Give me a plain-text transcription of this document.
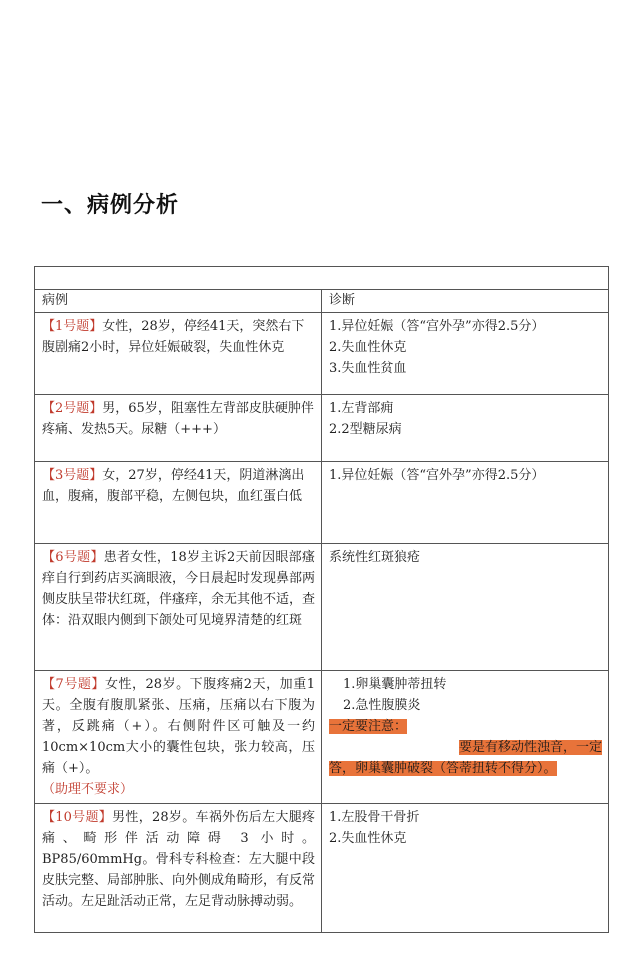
一、病例分析

病例	诊断
【1号题】女性，28岁，停经41天，突然右下腹剧痛2小时，异位妊娠破裂，失血性休克	1.异位妊娠（答“宫外孕”亦得2.5分）
2.失血性休克
3.失血性贫血

【2号题】男，65岁，阻塞性左背部皮肤硬肿伴疼痛、发热5天。尿糖（+++）	1.左背部痈
2.2型糖尿病

【3号题】女，27岁，停经41天，阴道淋漓出血，腹痛，腹部平稳，左侧包块，血红蛋白低	1.异位妊娠（答“宫外孕”亦得2.5分）

【6号题】患者女性，18岁主诉2天前因眼部瘙痒自行到药店买滴眼液，今日晨起时发现鼻部两侧皮肤呈带状红斑，伴瘙痒，余无其他不适，查体：沿双眼内侧到下颌处可见境界清楚的红斑	系统性红斑狼疮

【7号题】女性，28岁。下腹疼痛2天，加重1天。全腹有腹肌紧张、压痛，压痛以右下腹为著，反跳痛（+）。右侧附件区可触及一约10cm×10cm大小的囊性包块，张力较高，压痛（+）。
（助理不要求）	1.卵巢囊肿蒂扭转
2.急性腹膜炎
一定要注意：
要是有移动性浊音，一定
答，卵巢囊肿破裂（答蒂扭转不得分）。

【10号题】男性，28岁。车祸外伤后左大腿疼痛、畸形伴活动障碍 3 小时。BP85/60mmHg。骨科专科检查：左大腿中段皮肤完整、局部肿胀、向外侧成角畸形，有反常活动。左足趾活动正常，左足背动脉搏动弱。	1.左股骨干骨折
2.失血性休克
